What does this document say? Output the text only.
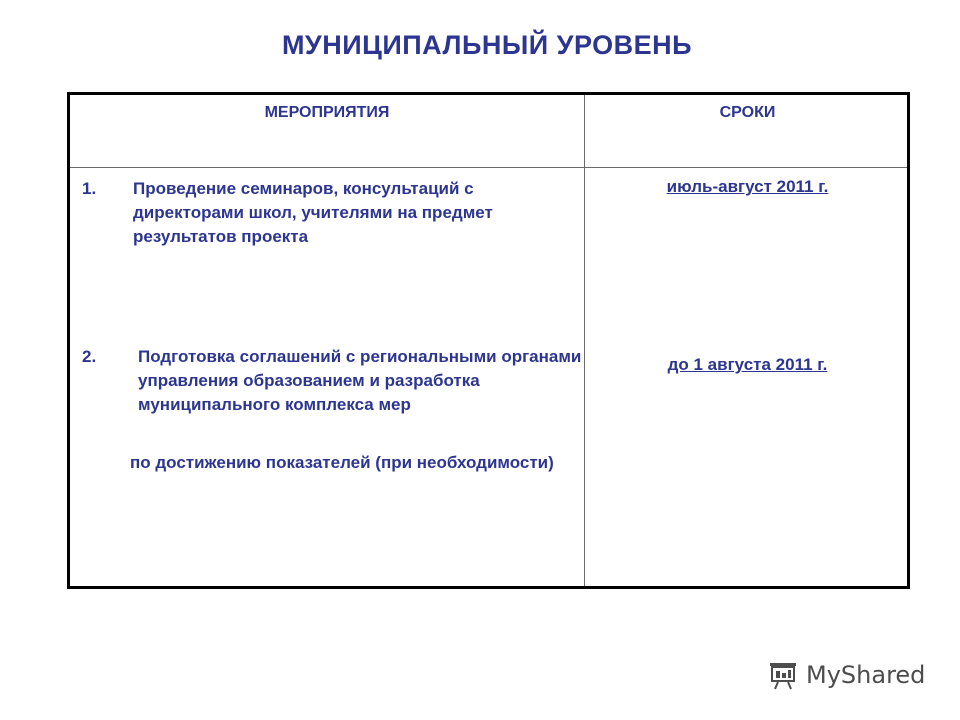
МУНИЦИПАЛЬНЫЙ УРОВЕНЬ
МЕРОПРИЯТИЯ	СРОКИ
1. Проведение семинаров, консультаций с директорами школ, учителями на предмет результатов проекта
июль-август 2011 г.
2. Подготовка соглашений с региональными органами управления образованием и разработка муниципального комплекса мер
по достижению показателей (при необходимости)
до 1 августа 2011 г.
MyShared
